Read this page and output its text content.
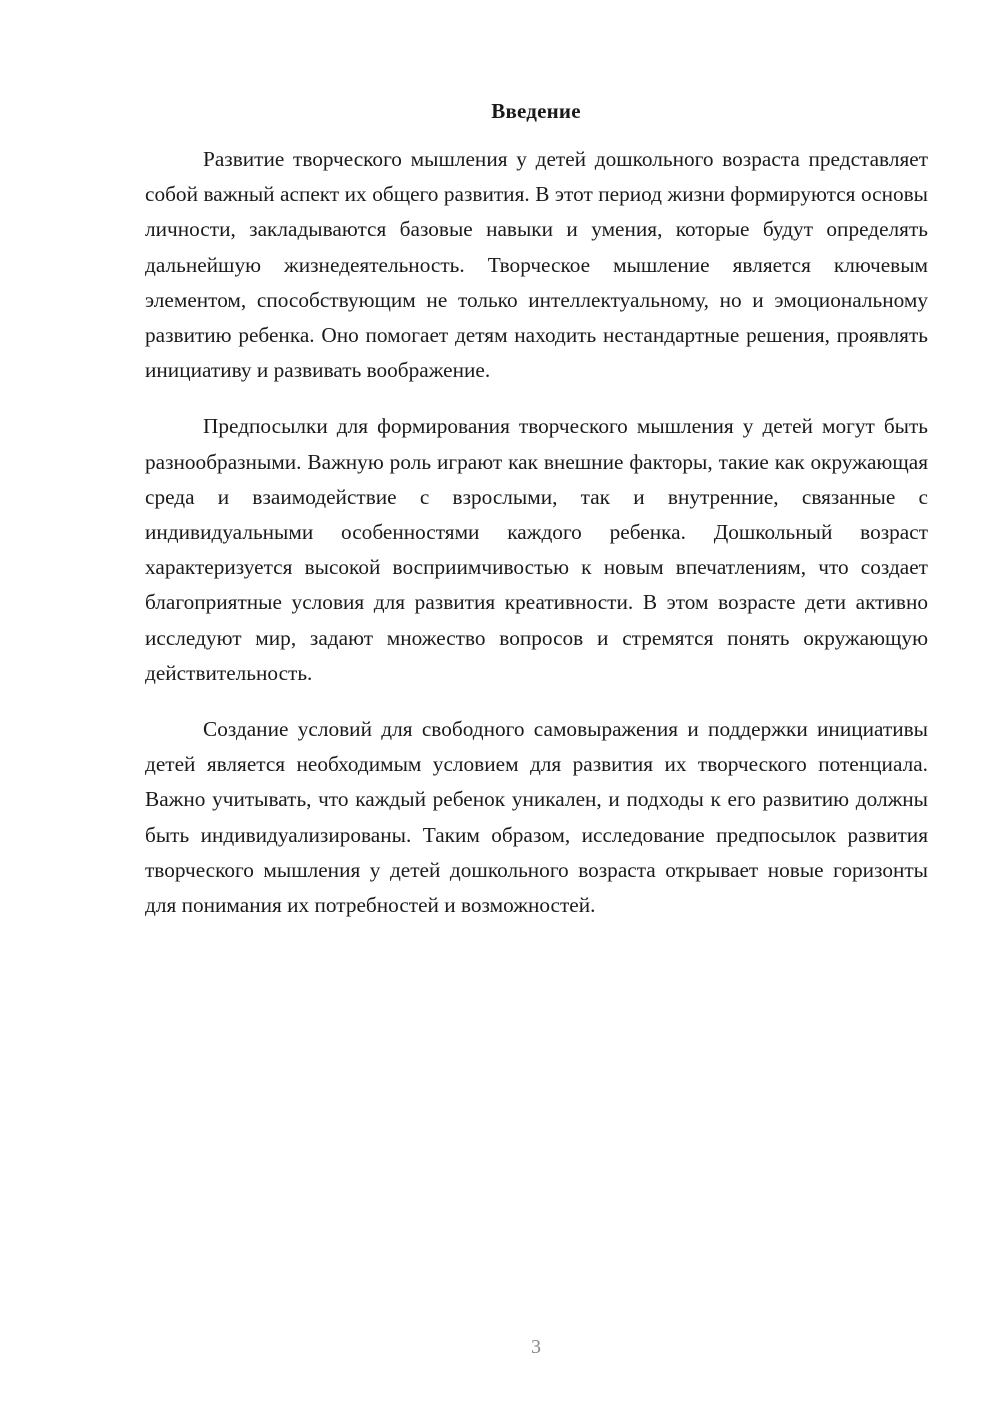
Введение

Развитие творческого мышления у детей дошкольного возраста представляет собой важный аспект их общего развития. В этот период жизни формируются основы личности, закладываются базовые навыки и умения, которые будут определять дальнейшую жизнедеятельность. Творческое мышление является ключевым элементом, способствующим не только интеллектуальному, но и эмоциональному развитию ребенка. Оно помогает детям находить нестандартные решения, проявлять инициативу и развивать воображение.

Предпосылки для формирования творческого мышления у детей могут быть разнообразными. Важную роль играют как внешние факторы, такие как окружающая среда и взаимодействие с взрослыми, так и внутренние, связанные с индивидуальными особенностями каждого ребенка. Дошкольный возраст характеризуется высокой восприимчивостью к новым впечатлениям, что создает благоприятные условия для развития креативности. В этом возрасте дети активно исследуют мир, задают множество вопросов и стремятся понять окружающую действительность.

Создание условий для свободного самовыражения и поддержки инициативы детей является необходимым условием для развития их творческого потенциала. Важно учитывать, что каждый ребенок уникален, и подходы к его развитию должны быть индивидуализированы. Таким образом, исследование предпосылок развития творческого мышления у детей дошкольного возраста открывает новые горизонты для понимания их потребностей и возможностей.

3
